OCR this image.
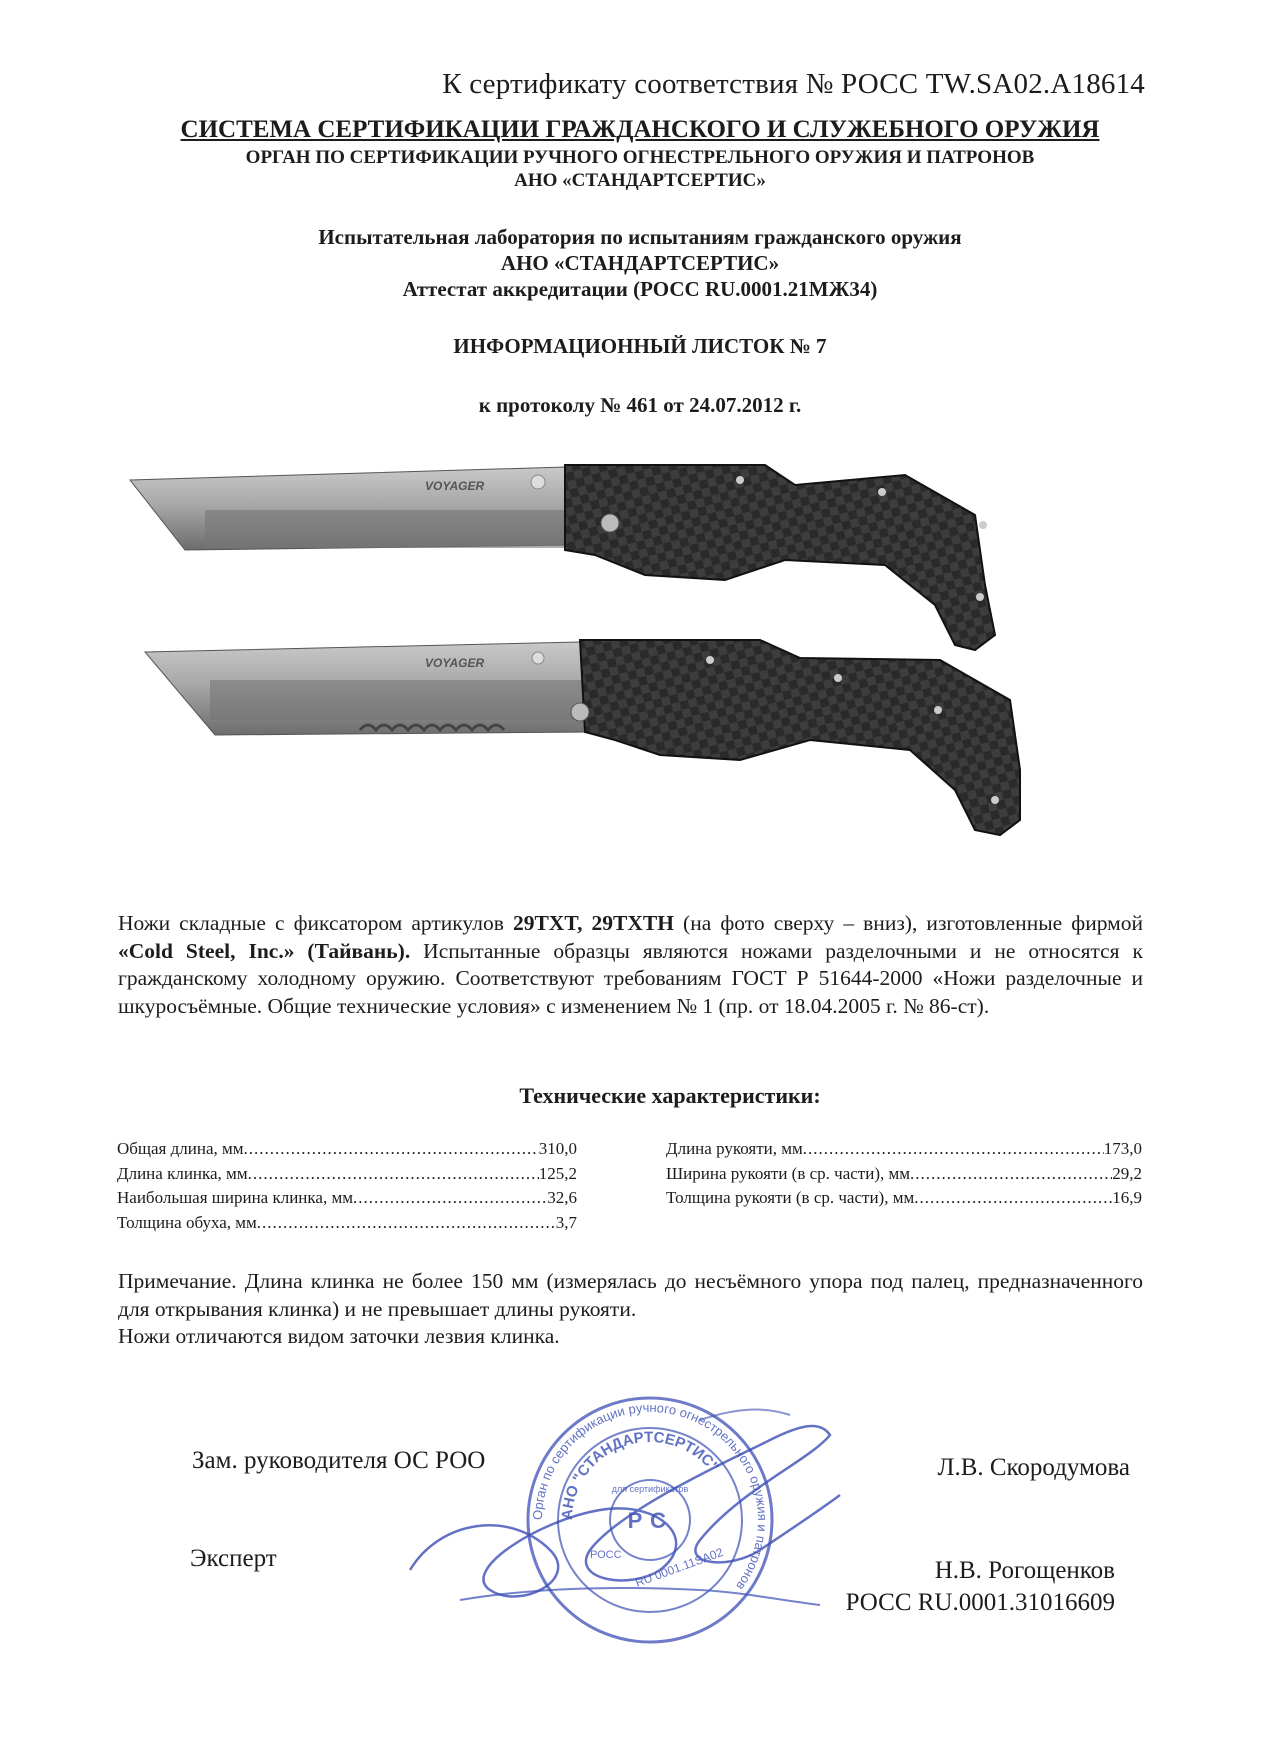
К сертификату соответствия № РОСС TW.SA02.А18614
СИСТЕМА СЕРТИФИКАЦИИ ГРАЖДАНСКОГО И СЛУЖЕБНОГО ОРУЖИЯ
ОРГАН ПО СЕРТИФИКАЦИИ РУЧНОГО ОГНЕСТРЕЛЬНОГО ОРУЖИЯ И ПАТРОНОВ
АНО «СТАНДАРТСЕРТИС»
Испытательная лаборатория по испытаниям гражданского оружия
АНО «СТАНДАРТСЕРТИС»
Аттестат аккредитации (РОСС RU.0001.21МЖ34)
ИНФОРМАЦИОННЫЙ ЛИСТОК № 7
к протоколу № 461 от 24.07.2012 г.
VOYAGER
VOYAGER
Ножи складные с фиксатором артикулов 29TXT, 29TXTH (на фото сверху – вниз), изготовленные фирмой «Cold Steel, Inc.» (Тайвань). Испытанные образцы являются ножами разделочными и не относятся к гражданскому холодному оружию. Соответствуют требованиям ГОСТ Р 51644-2000 «Ножи разделочные и шкуросъёмные. Общие технические условия» с изменением № 1 (пр. от 18.04.2005 г. № 86-ст).
Технические характеристики:
Общая длина, мм .....	310,0
Длина клинка, мм .....	125,2
Наибольшая ширина клинка, мм .....	32,6
Толщина обуха, мм .....	3,7
Длина рукояти, мм .....	173,0
Ширина рукояти (в ср. части), мм .....	29,2
Толщина рукояти (в ср. части), мм .....	16,9
Примечание. Длина клинка не более 150 мм (измерялась до несъёмного упора под палец, предназначенного для открывания клинка) и не превышает длины рукояти.
Ножи отличаются видом заточки лезвия клинка.
Зам. руководителя ОС РОО	Л.В. Скородумова
Эксперт	Н.В. Рогощенков
РОСС RU.0001.31016609
Орган по сертификации ручного огнестрельного оружия и патронов
АНО "СТАНДАРТСЕРТИС"
для сертификатов
Р С
РОСС RU 0001.11SA02
